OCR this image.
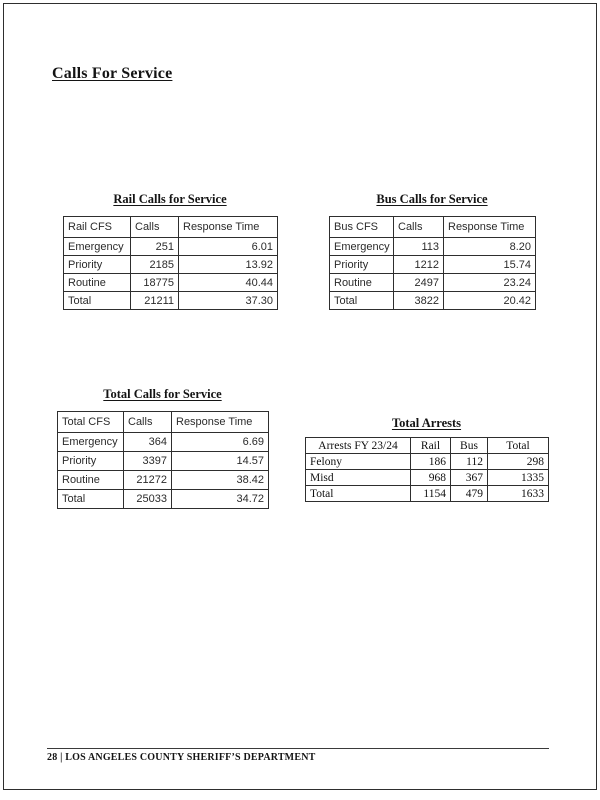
Calls For Service
Rail Calls for Service	Bus Calls for Service
Total Calls for Service
Total Arrests
Rail CFS	Calls	Response Time
Emergency	251	6.01
Priority	2185	13.92
Routine	18775	40.44
Total	21211	37.30
Bus CFS	Calls	Response Time
Emergency	113	8.20
Priority	1212	15.74
Routine	2497	23.24
Total	3822	20.42
Total CFS	Calls	Response Time
Emergency	364	6.69
Priority	3397	14.57
Routine	21272	38.42
Total	25033	34.72
Arrests FY 23/24	Rail	Bus	Total
Felony	186	112	298
Misd	968	367	1335
Total	1154	479	1633
28 | LOS ANGELES COUNTY SHERIFF’S DEPARTMENT
